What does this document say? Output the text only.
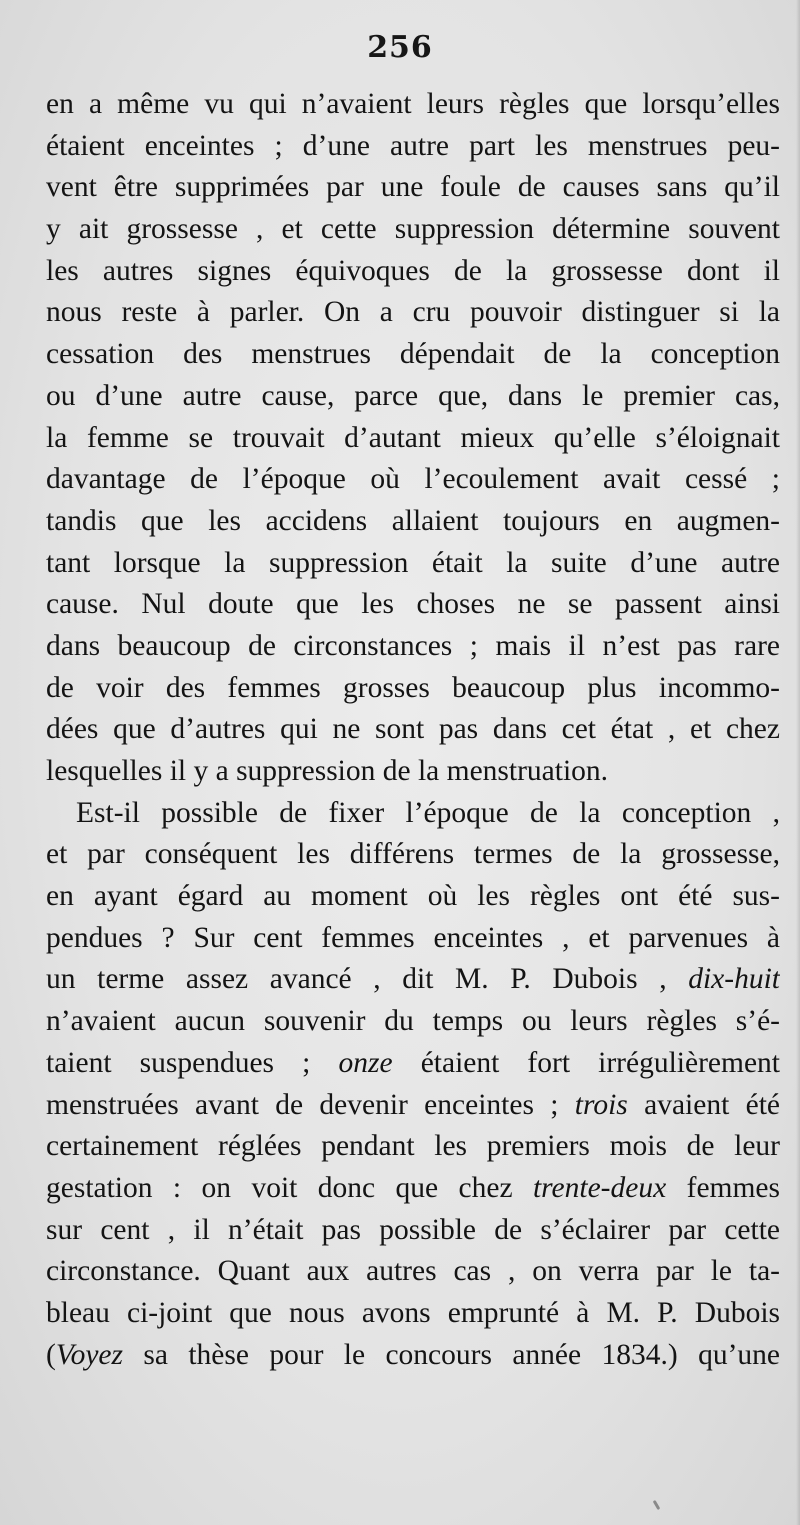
256
en a même vu qui n’avaient leurs règles que lorsqu’elles
étaient enceintes ; d’une autre part les menstrues peu-
vent être supprimées par une foule de causes sans qu’il
y ait grossesse , et cette suppression détermine souvent
les autres signes équivoques de la grossesse dont il
nous reste à parler. On a cru pouvoir distinguer si la
cessation des menstrues dépendait de la conception
ou d’une autre cause, parce que, dans le premier cas,
la femme se trouvait d’autant mieux qu’elle s’éloignait
davantage de l’époque où l’ecoulement avait cessé ;
tandis que les accidens allaient toujours en augmen-
tant lorsque la suppression était la suite d’une autre
cause. Nul doute que les choses ne se passent ainsi
dans beaucoup de circonstances ; mais il n’est pas rare
de voir des femmes grosses beaucoup plus incommo-
dées que d’autres qui ne sont pas dans cet état , et chez
lesquelles il y a suppression de la menstruation.
Est-il possible de fixer l’époque de la conception ,
et par conséquent les différens termes de la grossesse,
en ayant égard au moment où les règles ont été sus-
pendues ? Sur cent femmes enceintes , et parvenues à
un terme assez avancé , dit M. P. Dubois , dix-huit
n’avaient aucun souvenir du temps ou leurs règles s’é-
taient suspendues ; onze étaient fort irrégulièrement
menstruées avant de devenir enceintes ; trois avaient été
certainement réglées pendant les premiers mois de leur
gestation : on voit donc que chez trente-deux femmes
sur cent , il n’était pas possible de s’éclairer par cette
circonstance. Quant aux autres cas , on verra par le ta-
bleau ci-joint que nous avons emprunté à M. P. Dubois
(Voyez sa thèse pour le concours année 1834.) qu’une
